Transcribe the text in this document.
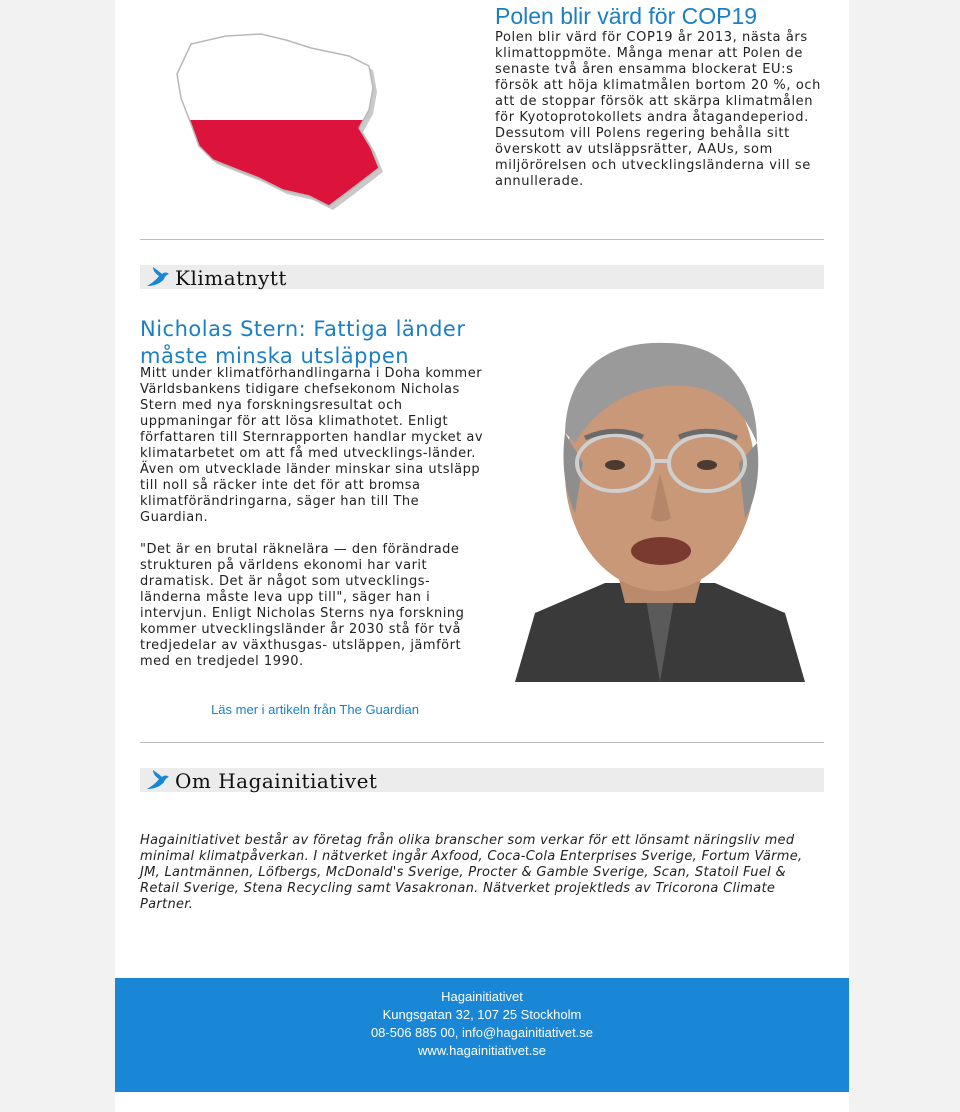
Polen blir värd för COP19
Polen blir värd för COP19 år 2013, nästa års klimattoppmöte. Många menar att Polen de senaste två åren ensamma blockerat EU:s försök att höja klimatmålen bortom 20 %, och att de stoppar försök att skärpa klimatmålen för Kyotoprotokollets andra åtagandeperiod. Dessutom vill Polens regering behålla sitt överskott av utsläppsrätter, AAUs, som miljörörelsen och utvecklingsländerna vill se annullerade.
Klimatnytt
Nicholas Stern: Fattiga länder måste minska utsläppen

Mitt under klimatförhandlingarna i Doha kommer Världsbankens tidigare chefsekonom Nicholas Stern med nya forskningsresultat och uppmaningar för att lösa klimathotet. Enligt författaren till Sternrapporten handlar mycket av klimatarbetet om att få med utvecklings-länder. Även om utvecklade länder minskar sina utsläpp till noll så räcker inte det för att bromsa klimatförändringarna, säger han till The Guardian.

"Det är en brutal räknelära — den förändrade strukturen på världens ekonomi har varit dramatisk. Det är något som utvecklings-länderna måste leva upp till", säger han i intervjun. Enligt Nicholas Sterns nya forskning kommer utvecklingsländer år 2030 stå för två tredjedelar av växthusgas- utsläppen, jämfört med en tredjedel 1990.

Läs mer i artikeln från The Guardian
Om Hagainitiativet
Hagainitiativet består av företag från olika branscher som verkar för ett lönsamt näringsliv med minimal klimatpåverkan. I nätverket ingår Axfood, Coca-Cola Enterprises Sverige, Fortum Värme, JM, Lantmännen, Löfbergs, McDonald's Sverige, Procter & Gamble Sverige, Scan, Statoil Fuel & Retail Sverige, Stena Recycling samt Vasakronan. Nätverket projektleds av Tricorona Climate Partner.
Hagainitiativet
Kungsgatan 32, 107 25 Stockholm
08-506 885 00, info@hagainitiativet.se
www.hagainitiativet.se
